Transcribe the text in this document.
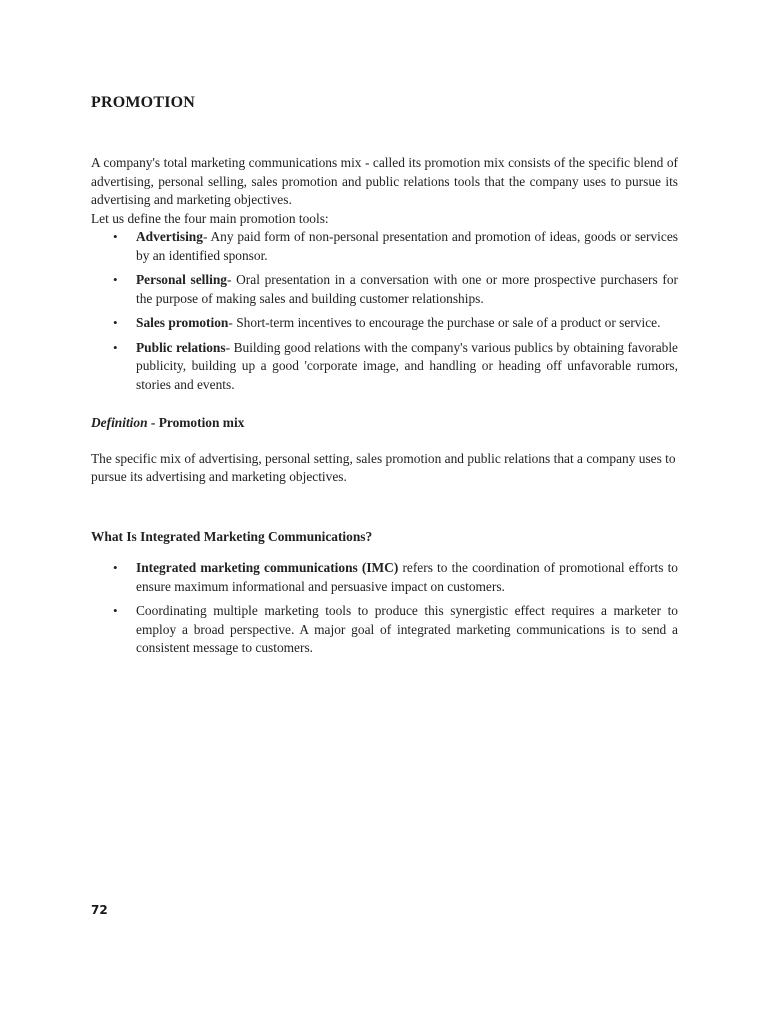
PROMOTION

A company's total marketing communications mix - called its promotion mix consists of the specific blend of advertising, personal selling, sales promotion and public relations tools that the company uses to pursue its advertising and marketing objectives.

Let us define the four main promotion tools:

• Advertising- Any paid form of non-personal presentation and promotion of ideas, goods or services by an identified sponsor.
• Personal selling- Oral presentation in a conversation with one or more prospective purchasers for the purpose of making sales and building customer relationships.
• Sales promotion- Short-term incentives to encourage the purchase or sale of a product or service.
• Public relations- Building good relations with the company's various publics by obtaining favorable publicity, building up a good 'corporate image, and handling or heading off unfavorable rumors, stories and events.

Definition - Promotion mix

The specific mix of advertising, personal setting, sales promotion and public relations that a company uses to pursue its advertising and marketing objectives.

What Is Integrated Marketing Communications?

• Integrated marketing communications (IMC) refers to the coordination of promotional efforts to ensure maximum informational and persuasive impact on customers.
• Coordinating multiple marketing tools to produce this synergistic effect requires a marketer to employ a broad perspective. A major goal of integrated marketing communications is to send a consistent message to customers.
72
